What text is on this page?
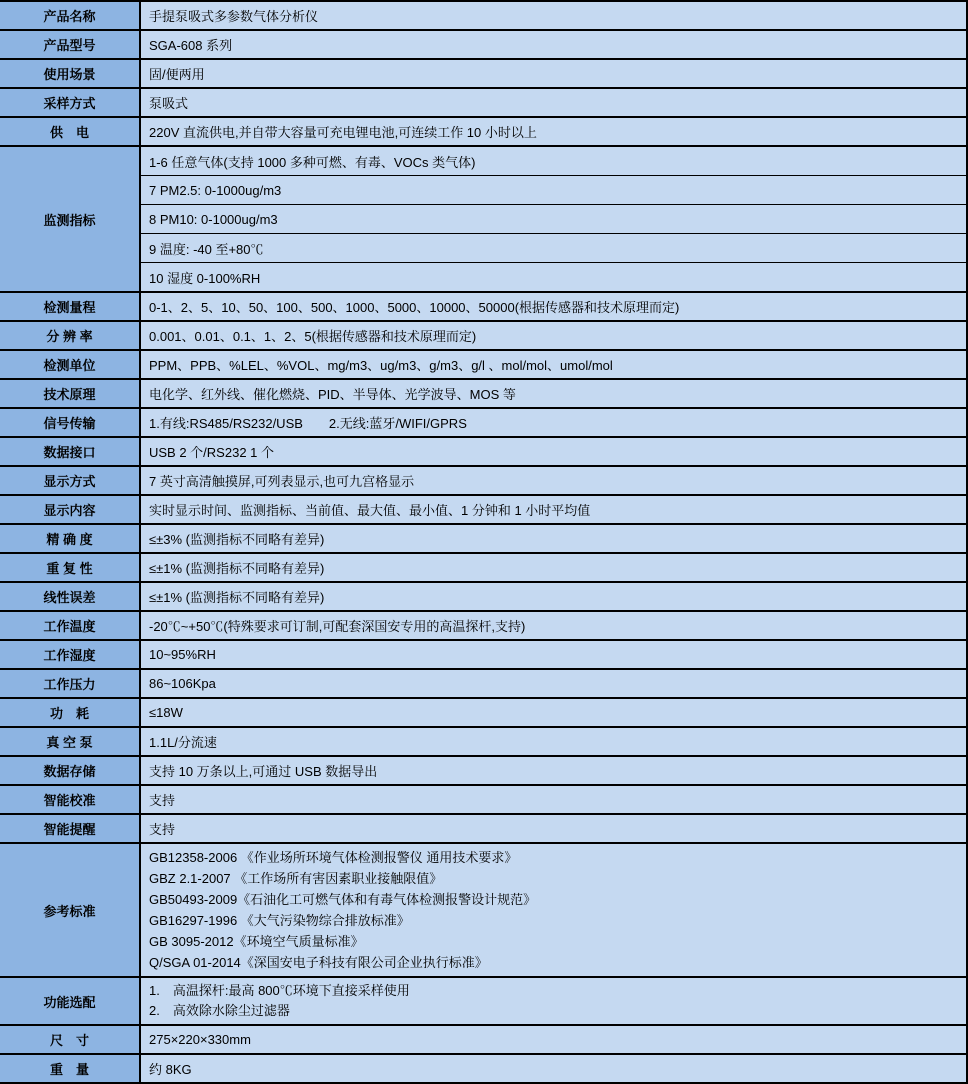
产品名称	手提泵吸式多参数气体分析仪
产品型号	SGA-608 系列
使用场景	固/便两用
采样方式	泵吸式
供　电	220V 直流供电,并自带大容量可充电锂电池,可连续工作 10 小时以上
监测指标	1-6 任意气体(支持 1000 多种可燃、有毒、VOCs 类气体)
	7 PM2.5: 0-1000ug/m3
	8 PM10: 0-1000ug/m3
	9 温度: -40 至+80℃
	10 湿度 0-100%RH
检测量程	0-1、2、5、10、50、100、500、1000、5000、10000、50000(根据传感器和技术原理而定)
分 辨 率	0.001、0.01、0.1、1、2、5(根据传感器和技术原理而定)
检测单位	PPM、PPB、%LEL、%VOL、mg/m3、ug/m3、g/m3、g/l 、mol/mol、umol/mol
技术原理	电化学、红外线、催化燃烧、PID、半导体、光学波导、MOS 等
信号传输	1.有线:RS485/RS232/USB　　2.无线:蓝牙/WIFI/GPRS
数据接口	USB 2 个/RS232 1 个
显示方式	7 英寸高清触摸屏,可列表显示,也可九宫格显示
显示内容	实时显示时间、监测指标、当前值、最大值、最小值、1 分钟和 1 小时平均值
精 确 度	≤±3% (监测指标不同略有差异)
重 复 性	≤±1% (监测指标不同略有差异)
线性误差	≤±1% (监测指标不同略有差异)
工作温度	-20℃~+50℃(特殊要求可订制,可配套深国安专用的高温探杆,支持)
工作湿度	10~95%RH
工作压力	86~106Kpa
功　耗	≤18W
真 空 泵	1.1L/分流速
数据存储	支持 10 万条以上,可通过 USB 数据导出
智能校准	支持
智能提醒	支持
参考标准	
GB12358-2006 《作业场所环境气体检测报警仪 通用技术要求》
GBZ 2.1-2007 《工作场所有害因素职业接触限值》
GB50493-2009《石油化工可燃气体和有毒气体检测报警设计规范》
GB16297-1996 《大气污染物综合排放标准》
GB 3095-2012《环境空气质量标准》
Q/SGA 01-2014《深国安电子科技有限公司企业执行标准》

功能选配	1.　高温探杆:最高 800℃环境下直接采样使用
2.　高效除水除尘过滤器

尺　寸	275×220×330mm
重　量	约 8KG
